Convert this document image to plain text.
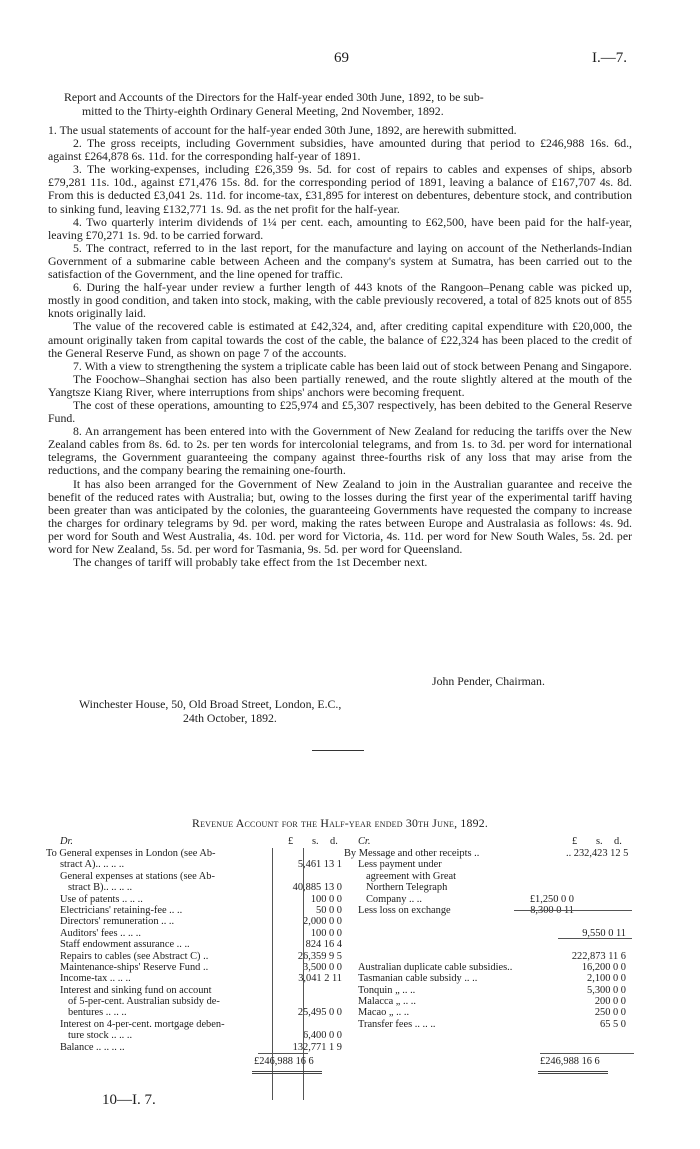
69	I.—7.
Report and Accounts of the Directors for the Half-year ended 30th June, 1892, to be sub-
mitted to the Thirty-eighth Ordinary General Meeting, 2nd November, 1892.

1. The usual statements of account for the half-year ended 30th June, 1892, are herewith submitted.

2. The gross receipts, including Government subsidies, have amounted during that period to £246,988 16s. 6d., against £264,878 6s. 11d. for the corresponding half-year of 1891.

3. The working-expenses, including £26,359 9s. 5d. for cost of repairs to cables and expenses of ships, absorb £79,281 11s. 10d., against £71,476 15s. 8d. for the corresponding period of 1891, leaving a balance of £167,707 4s. 8d. From this is deducted £3,041 2s. 11d. for income-tax, £31,895 for interest on debentures, debenture stock, and contribution to sinking fund, leaving £132,771 1s. 9d. as the net profit for the half-year.

4. Two quarterly interim dividends of 1¼ per cent. each, amounting to £62,500, have been paid for the half-year, leaving £70,271 1s. 9d. to be carried forward.

5. The contract, referred to in the last report, for the manufacture and laying on account of the Netherlands-Indian Government of a submarine cable between Acheen and the company's system at Sumatra, has been carried out to the satisfaction of the Government, and the line opened for traffic.

6. During the half-year under review a further length of 443 knots of the Rangoon–Penang cable was picked up, mostly in good condition, and taken into stock, making, with the cable previously recovered, a total of 825 knots out of 855 knots originally laid.

The value of the recovered cable is estimated at £42,324, and, after crediting capital expenditure with £20,000, the amount originally taken from capital towards the cost of the cable, the balance of £22,324 has been placed to the credit of the General Reserve Fund, as shown on page 7 of the accounts.

7. With a view to strengthening the system a triplicate cable has been laid out of stock between Penang and Singapore.

The Foochow–Shanghai section has also been partially renewed, and the route slightly altered at the mouth of the Yangtsze Kiang River, where interruptions from ships' anchors were becoming frequent.

The cost of these operations, amounting to £25,974 and £5,307 respectively, has been debited to the General Reserve Fund.

8. An arrangement has been entered into with the Government of New Zealand for reducing the tariffs over the New Zealand cables from 8s. 6d. to 2s. per ten words for intercolonial telegrams, and from 1s. to 3d. per word for international telegrams, the Government guaranteeing the company against three-fourths risk of any loss that may arise from the reductions, and the company bearing the remaining one-fourth.

It has also been arranged for the Government of New Zealand to join in the Australian guarantee and receive the benefit of the reduced rates with Australia; but, owing to the losses during the first year of the experimental tariff having been greater than was anticipated by the colonies, the guaranteeing Governments have requested the company to increase the charges for ordinary telegrams by 9d. per word, making the rates between Europe and Australasia as follows: 4s. 9d. per word for South and West Australia, 4s. 10d. per word for Victoria, 4s. 11d. per word for New South Wales, 5s. 2d. per word for New Zealand, 5s. 5d. per word for Tasmania, 9s. 5d. per word for Queensland.

The changes of tariff will probably take effect from the 1st December next.

John Pender, Chairman.
Winchester House, 50, Old Broad Street, London, E.C.,
24th October, 1892.
Revenue Account for the Half-year ended 30th June, 1892.
Dr.	£ s. d.
To General expenses in London (see Ab-
stract A).. .. .. ..	5,461 13 1
General expenses at stations (see Ab-
stract B).. .. .. ..	40,885 13 0
Use of patents .. .. ..	100 0 0
Electricians' retaining-fee .. ..	50 0 0
Directors' remuneration .. ..	2,000 0 0
Auditors' fees .. .. ..	100 0 0
Staff endowment assurance .. ..	824 16 4
Repairs to cables (see Abstract C) ..	26,359 9 5
Maintenance-ships' Reserve Fund ..	3,500 0 0
Income-tax .. .. ..	3,041 2 11
Interest and sinking fund on account
of 5-per-cent. Australian subsidy de-
bentures .. .. ..	25,495 0 0
Interest on 4-per-cent. mortgage deben-
ture stock .. .. ..	6,400 0 0
Balance .. .. .. ..	132,771 1 9
£246,988 16 6
Cr.	£ s. d.
By Message and other receipts ..	.. 232,423 12 5
Less payment under
agreement with Great
Northern Telegraph
Company .. ..	£1,250 0 0
Less loss on exchange	8,300 0 11
9,550 0 11
222,873 11 6
Australian duplicate cable subsidies..	16,200 0 0
Tasmanian cable subsidy .. ..	2,100 0 0
Tonquin „ .. ..	5,300 0 0
Malacca „ .. ..	200 0 0
Macao „ .. ..	250 0 0
Transfer fees .. .. ..	65 5 0
£246,988 16 6
10—I. 7.
